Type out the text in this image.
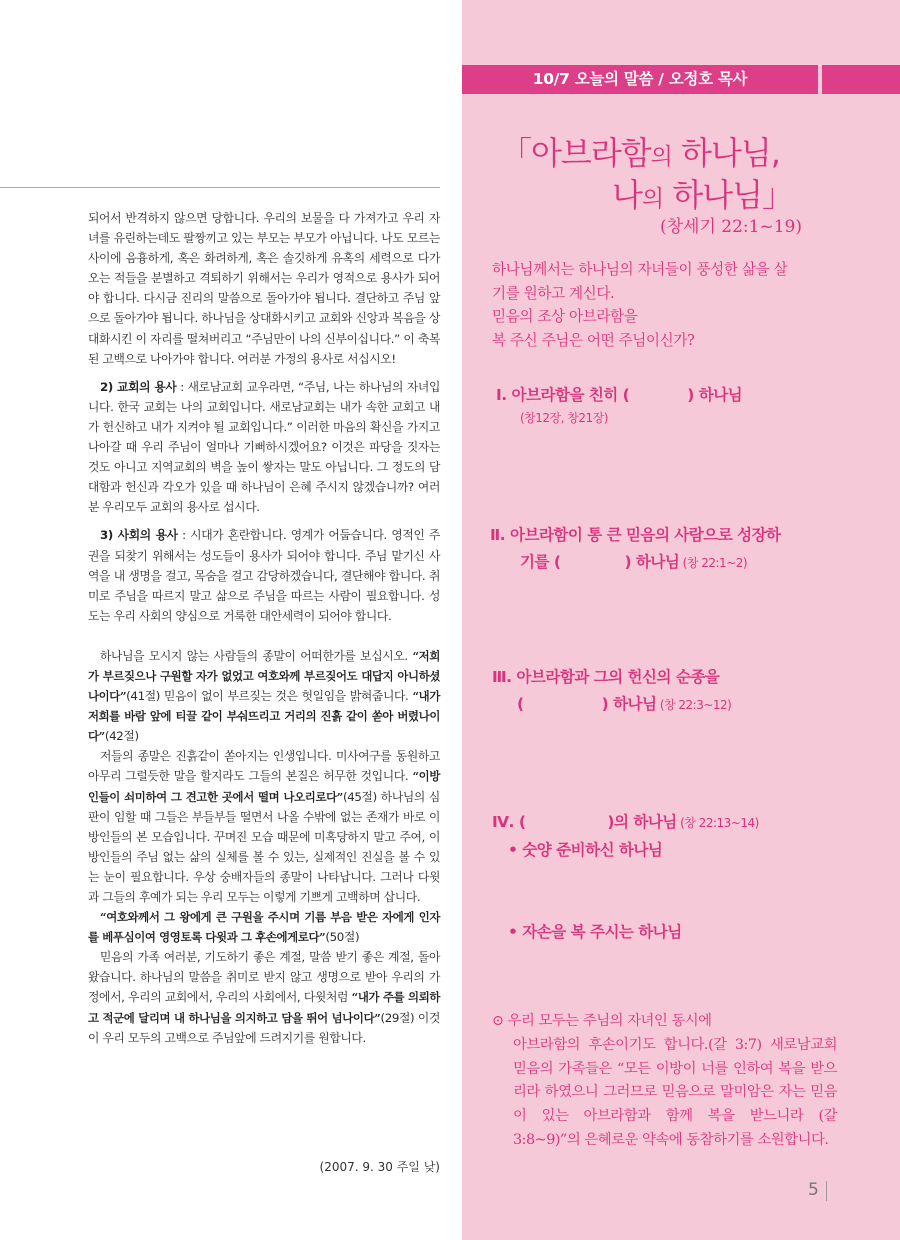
되어서 반격하지 않으면 당합니다. 우리의 보물을 다 가져가고 우리 자녀를 유린하는데도 팔짱끼고 있는 부모는 부모가 아닙니다. 나도 모르는 사이에 음흉하게, 혹은 화려하게, 혹은 솔깃하게 유혹의 세력으로 다가오는 적들을 분별하고 격퇴하기 위해서는 우리가 영적으로 용사가 되어야 합니다. 다시금 진리의 말씀으로 돌아가야 됩니다. 결단하고 주님 앞으로 돌아가야 됩니다. 하나님을 상대화시키고 교회와 신앙과 복음을 상대화시킨 이 자리를 떨쳐버리고 “주님만이 나의 신부이십니다.” 이 축복된 고백으로 나아가야 합니다. 여러분 가정의 용사로 서십시오!

2) 교회의 용사 : 새로남교회 교우라면, “주님, 나는 하나님의 자녀입니다. 한국 교회는 나의 교회입니다. 새로남교회는 내가 속한 교회고 내가 헌신하고 내가 지켜야 될 교회입니다.” 이러한 마음의 확신을 가지고 나아갈 때 우리 주님이 얼마나 기뻐하시겠어요? 이것은 파당을 짓자는 것도 아니고 지역교회의 벽을 높이 쌓자는 말도 아닙니다. 그 정도의 담대함과 헌신과 각오가 있을 때 하나님이 은혜 주시지 않겠습니까? 여러분 우리모두 교회의 용사로 섭시다.

3) 사회의 용사 : 시대가 혼란합니다. 영계가 어둡습니다. 영적인 주권을 되찾기 위해서는 성도들이 용사가 되어야 합니다. 주님 맡기신 사역을 내 생명을 걸고, 목숨을 걸고 감당하겠습니다, 결단해야 합니다. 취미로 주님을 따르지 말고 삶으로 주님을 따르는 사람이 필요합니다. 성도는 우리 사회의 양심으로 거룩한 대안세력이 되어야 합니다.

하나님을 모시지 않는 사람들의 종말이 어떠한가를 보십시오. “저희가 부르짖으나 구원할 자가 없었고 여호와께 부르짖어도 대답지 아니하셨나이다”(41절) 믿음이 없이 부르짖는 것은 헛일임을 밝혀줍니다. “내가 저희를 바람 앞에 티끌 같이 부숴뜨리고 거리의 진흙 같이 쏟아 버렸나이다”(42절)

저들의 종말은 진흙같이 쏟아지는 인생입니다. 미사여구를 동원하고 아무리 그럴듯한 말을 할지라도 그들의 본질은 허무한 것입니다. “이방인들이 쇠미하여 그 견고한 곳에서 떨며 나오리로다”(45절) 하나님의 심판이 임할 때 그들은 부들부들 떨면서 나올 수밖에 없는 존재가 바로 이방인들의 본 모습입니다. 꾸며진 모습 때문에 미혹당하지 말고 주여, 이방인들의 주님 없는 삶의 실체를 볼 수 있는, 실제적인 진실을 볼 수 있는 눈이 필요합니다. 우상 숭배자들의 종말이 나타납니다. 그러나 다윗과 그들의 후예가 되는 우리 모두는 이렇게 기쁘게 고백하며 삽니다.

“여호와께서 그 왕에게 큰 구원을 주시며 기름 부음 받은 자에게 인자를 베푸심이여 영영토록 다윗과 그 후손에게로다”(50절)

믿음의 가족 여러분, 기도하기 좋은 계절, 말씀 받기 좋은 계절, 돌아왔습니다. 하나님의 말씀을 취미로 받지 않고 생명으로 받아 우리의 가정에서, 우리의 교회에서, 우리의 사회에서, 다윗처럼 “내가 주를 의뢰하고 적군에 달리며 내 하나님을 의지하고 담을 뛰어 넘나이다”(29절) 이것이 우리 모두의 고백으로 주님앞에 드려지기를 원합니다.

(2007. 9. 30 주일 낮)
10/7 오늘의 말씀 / 오정호 목사
「아브라함의 하나님,
나의 하나님」
(창세기 22:1~19)

하나님께서는 하나님의 자녀들이 풍성한 삶을 살

기를 원하고 계신다.

믿음의 조상 아브라함을

복 주신 주님은 어떤 주님이신가?

Ⅰ. 아브라함을 친히 (	) 하나님
(창12장, 창21장)
Ⅱ. 아브라함이 통 큰 믿음의 사람으로 성장하
기를 (	) 하나님 (창 22:1~2)
Ⅲ. 아브라함과 그의 헌신의 순종을
(	) 하나님 (창 22:3~12)
Ⅳ. (	)의 하나님 (창 22:13~14)
• 숫양 준비하신 하나님
• 자손을 복 주시는 하나님

⊙ 우리 모두는 주님의 자녀인 동시에

아브라함의 후손이기도 합니다.(갈 3:7) 새로남교회 믿음의 가족들은 “모든 이방이 너를 인하여 복을 받으리라 하였으니 그러므로 믿음으로 말미암은 자는 믿음이 있는 아브라함과 함께 복을 받느니라 (갈 3:8~9)”의 은혜로운 약속에 동참하기를 소원합니다.

5
